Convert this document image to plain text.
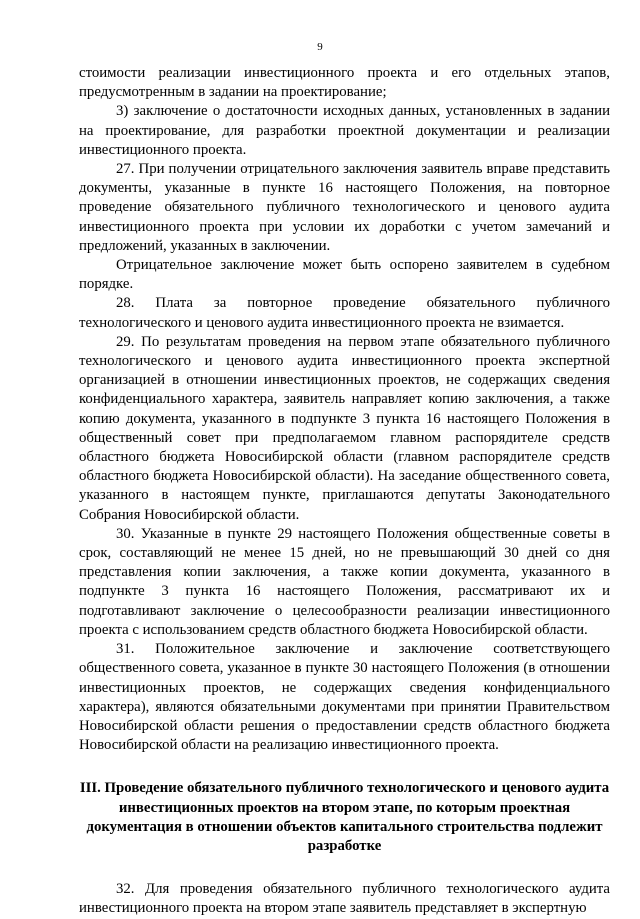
9

стоимости реализации инвестиционного проекта и его отдельных этапов, предусмотренным в задании на проектирование;

3) заключение о достаточности исходных данных, установленных в задании на проектирование, для разработки проектной документации и реализации инвестиционного проекта.

27. При получении отрицательного заключения заявитель вправе представить документы, указанные в пункте 16 настоящего Положения, на повторное проведение обязательного публичного технологического и ценового аудита инвестиционного проекта при условии их доработки с учетом замечаний и предложений, указанных в заключении.

Отрицательное заключение может быть оспорено заявителем в судебном порядке.

28. Плата за повторное проведение обязательного публичного технологического и ценового аудита инвестиционного проекта не взимается.

29. По результатам проведения на первом этапе обязательного публичного технологического и ценового аудита инвестиционного проекта экспертной организацией в отношении инвестиционных проектов, не содержащих сведения конфиденциального характера, заявитель направляет копию заключения, а также копию документа, указанного в подпункте 3 пункта 16 настоящего Положения в общественный совет при предполагаемом главном распорядителе средств областного бюджета Новосибирской области (главном распорядителе средств областного бюджета Новосибирской области). На заседание общественного совета, указанного в настоящем пункте, приглашаются депутаты Законодательного Собрания Новосибирской области.

30. Указанные в пункте 29 настоящего Положения общественные советы в срок, составляющий не менее 15 дней, но не превышающий 30 дней со дня представления копии заключения, а также копии документа, указанного в подпункте 3 пункта 16 настоящего Положения, рассматривают их и подготавливают заключение о целесообразности реализации инвестиционного проекта с использованием средств областного бюджета Новосибирской области.

31. Положительное заключение и заключение соответствующего общественного совета, указанное в пункте 30 настоящего Положения (в отношении инвестиционных проектов, не содержащих сведения конфиденциального характера), являются обязательными документами при принятии Правительством Новосибирской области решения о предоставлении средств областного бюджета Новосибирской области на реализацию инвестиционного проекта.

III. Проведение обязательного публичного технологического и ценового аудита инвестиционных проектов на втором этапе, по которым проектная документация в отношении объектов капитального строительства подлежит разработке

32. Для проведения обязательного публичного технологического аудита инвестиционного проекта на втором этапе заявитель представляет в экспертную
